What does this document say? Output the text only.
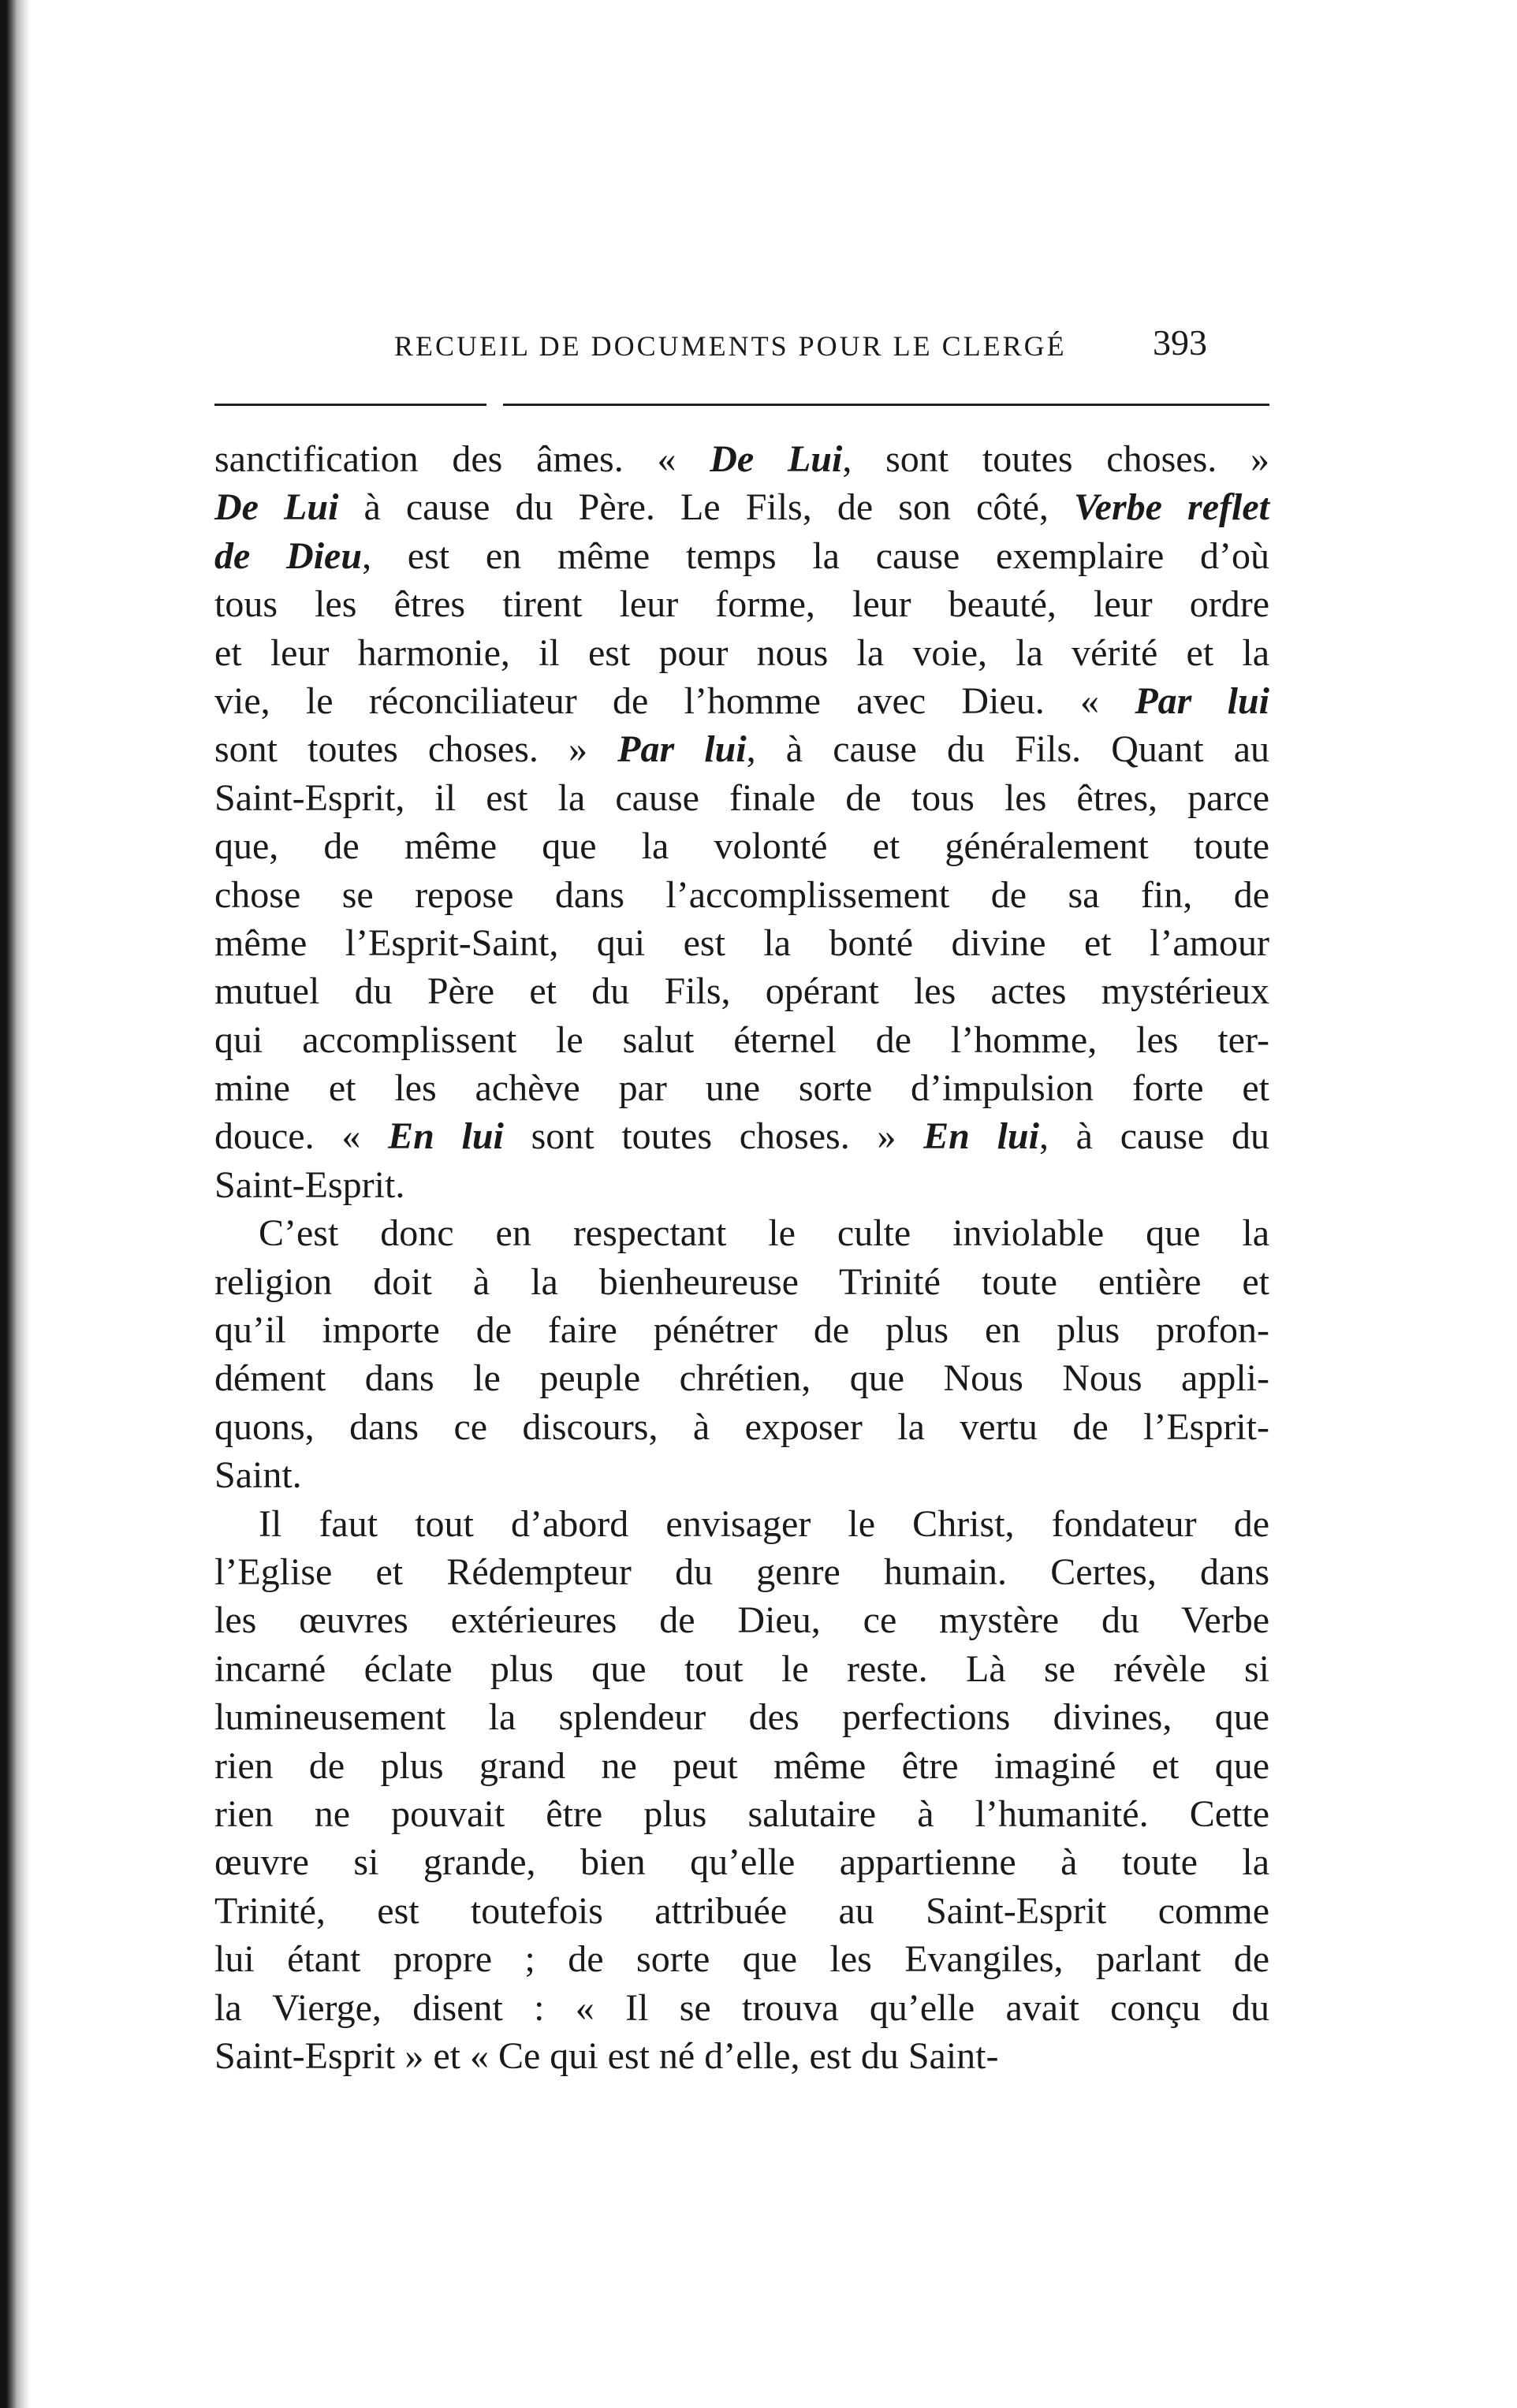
RECUEIL DE DOCUMENTS POUR LE CLERGÉ	393
sanctification des âmes. « De Lui, sont toutes choses. »
De Lui à cause du Père. Le Fils, de son côté, Verbe reflet
de Dieu, est en même temps la cause exemplaire d’où
tous les êtres tirent leur forme, leur beauté, leur ordre
et leur harmonie, il est pour nous la voie, la vérité et la
vie, le réconciliateur de l’homme avec Dieu. « Par lui
sont toutes choses. » Par lui, à cause du Fils. Quant au
Saint-Esprit, il est la cause finale de tous les êtres, parce
que, de même que la volonté et généralement toute
chose se repose dans l’accomplissement de sa fin, de
même l’Esprit-Saint, qui est la bonté divine et l’amour
mutuel du Père et du Fils, opérant les actes mystérieux
qui accomplissent le salut éternel de l’homme, les ter-
mine et les achève par une sorte d’impulsion forte et
douce. « En lui sont toutes choses. » En lui, à cause du
Saint-Esprit.
C’est donc en respectant le culte inviolable que la
religion doit à la bienheureuse Trinité toute entière et
qu’il importe de faire pénétrer de plus en plus profon-
dément dans le peuple chrétien, que Nous Nous appli-
quons, dans ce discours, à exposer la vertu de l’Esprit-
Saint.
Il faut tout d’abord envisager le Christ, fondateur de
l’Eglise et Rédempteur du genre humain. Certes, dans
les œuvres extérieures de Dieu, ce mystère du Verbe
incarné éclate plus que tout le reste. Là se révèle si
lumineusement la splendeur des perfections divines, que
rien de plus grand ne peut même être imaginé et que
rien ne pouvait être plus salutaire à l’humanité. Cette
œuvre si grande, bien qu’elle appartienne à toute la
Trinité, est toutefois attribuée au Saint-Esprit comme
lui étant propre ; de sorte que les Evangiles, parlant de
la Vierge, disent : « Il se trouva qu’elle avait conçu du
Saint-Esprit » et « Ce qui est né d’elle, est du Saint-
